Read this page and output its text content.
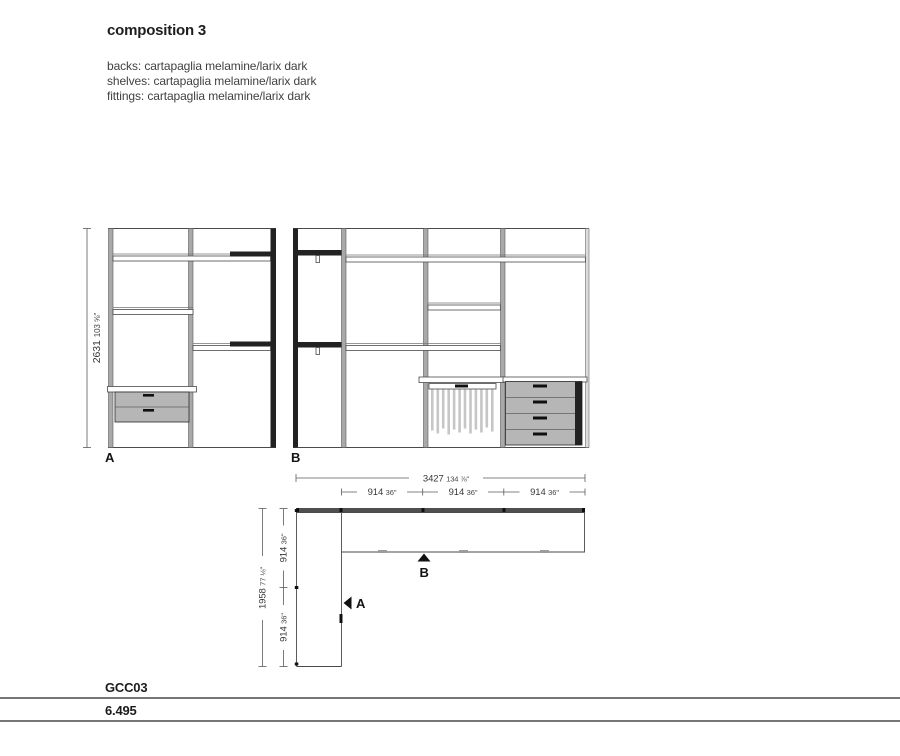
composition 3
backs: cartapaglia melamine/larix dark
shelves: cartapaglia melamine/larix dark
fittings: cartapaglia melamine/larix dark
2631103 ⅝"
A	B
3427 134 ⅞"
914 36"	914 36"	914 36"
91436"
91436"
195877 ⅛"	B
A
GCC03
6.495
